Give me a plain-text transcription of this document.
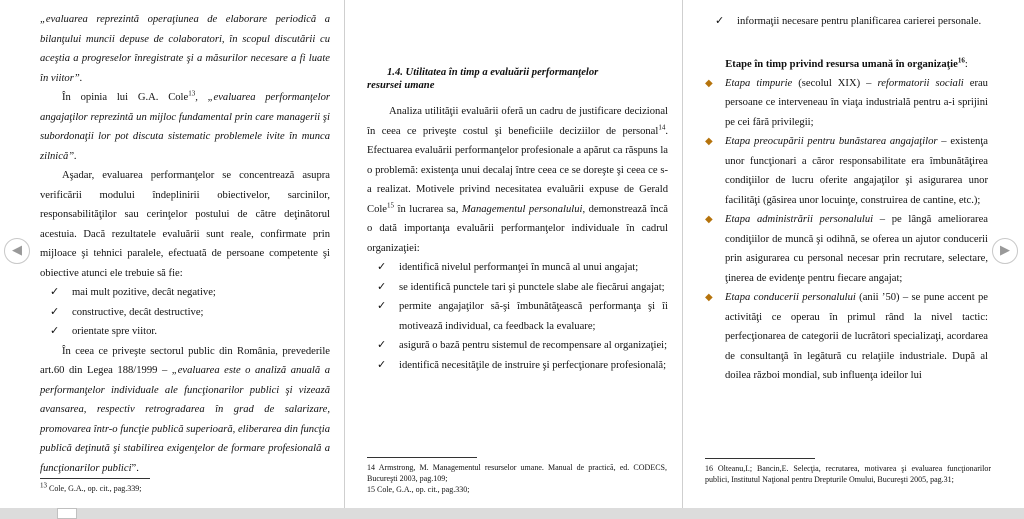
„evaluarea reprezintă operaţiunea de elaborare periodică a bilanţului muncii depuse de colaboratori, în scopul discutării cu aceştia a progreselor înregistrate şi a măsurilor necesare a fi luate în viitor”.

În opinia lui G.A. Cole$^{13}$, „evaluarea performanţelor angajaţilor reprezintă un mijloc fundamental prin care managerii şi subordonaţii lor pot discuta sistematic problemele ivite în munca zilnică”.

Aşadar, evaluarea performanţelor se concentrează asupra verificării modului îndeplinirii obiectivelor, sarcinilor, responsabilităţilor sau cerinţelor postului de către deţinătorul acestuia. Dacă rezultatele evaluării sunt reale, confirmate prin mijloace şi tehnici paralele, efectuată de persoane competente şi obiective atunci ele trebuie să fie:

✓ mai mult pozitive, decât negative;
✓ constructive, decât destructive;
✓ orientate spre viitor.

În ceea ce priveşte sectorul public din România, prevederile art.60 din Legea 188/1999 – „evaluarea este o analiză anuală a performanţelor individuale ale funcţionarilor publici şi vizează avansarea, respectiv retrogradarea în grad de salarizare, promovarea într-o funcţie publică superioară, eliberarea din funcţia publică deţinută şi stabilirea exigenţelor de formare profesională a funcţionarilor publici”.

$^{13}$ Cole, G.A., op. cit., pag.339;
1.4. Utilitatea în timp a evaluării performanţelor
resursei umane

Analiza utilităţii evaluării oferă un cadru de justificare decizional în ceea ce priveşte costul şi beneficiile deciziilor de personal$^{14}$. Efectuarea evaluării performanţelor profesionale a apărut ca răspuns la o problemă: existenţa unui decalaj între ceea ce se doreşte şi ceea ce s-a realizat. Motivele privind necesitatea evaluării expuse de Gerald Cole$^{15}$ în lucrarea sa, Managementul personalului, demonstrează încă o dată importanţa evaluării performanţelor individuale în cadrul organizaţiei:

✓ identifică nivelul performanţei în muncă al unui angajat;
✓ se identifică punctele tari şi punctele slabe ale fiecărui angajat;
✓ permite angajaţilor să-şi îmbunătăţească performanţa şi îi motivează individual, ca feedback la evaluare;
✓ asigură o bază pentru sistemul de recompensare al organizaţiei;
✓ identifică necesităţile de instruire şi perfecţionare profesională;
14 Armstrong, M. Managementul resurselor umane. Manual de practică, ed. CODECS, Bucureşti 2003, pag.109;
15 Cole, G.A., op. cit., pag.330;
✓ informaţii necesare pentru planificarea carierei personale.
Etape în timp privind resursa umană în organizaţie$^{16}$:
◆ Etapa timpurie (secolul XIX) – reformatorii sociali erau persoane ce interveneau în viaţa industrială pentru a-i sprijini pe cei fără privilegii;
◆ Etapa preocupării pentru bunăstarea angajaţilor – existenţa unor funcţionari a căror responsabilitate era îmbunătăţirea condiţiilor de lucru oferite angajaţilor şi asigurarea unor facilităţi (găsirea unor locuinţe, construirea de cantine, etc.);
◆ Etapa administrării personalului – pe lângă ameliorarea condiţiilor de muncă şi odihnă, se oferea un ajutor conducerii prin asigurarea cu personal necesar prin recrutare, selectare, ţinerea de evidenţe pentru fiecare angajat;
◆ Etapa conducerii personalului (anii ’50) – se pune accent pe activităţi ce operau în primul rând la nivel tactic: perfecţionarea de categorii de lucrători specializaţi, acordarea de consultanţă în legătură cu relaţiile industriale. După al doilea război mondial, sub influenţa ideilor lui
16 Olteanu,I.; Bancin,E. Selecţia, recrutarea, motivarea şi evaluarea funcţionarilor publici, Institutul Naţional pentru Drepturile Omului, Bucureşti 2005, pag.31;
◀	▶
